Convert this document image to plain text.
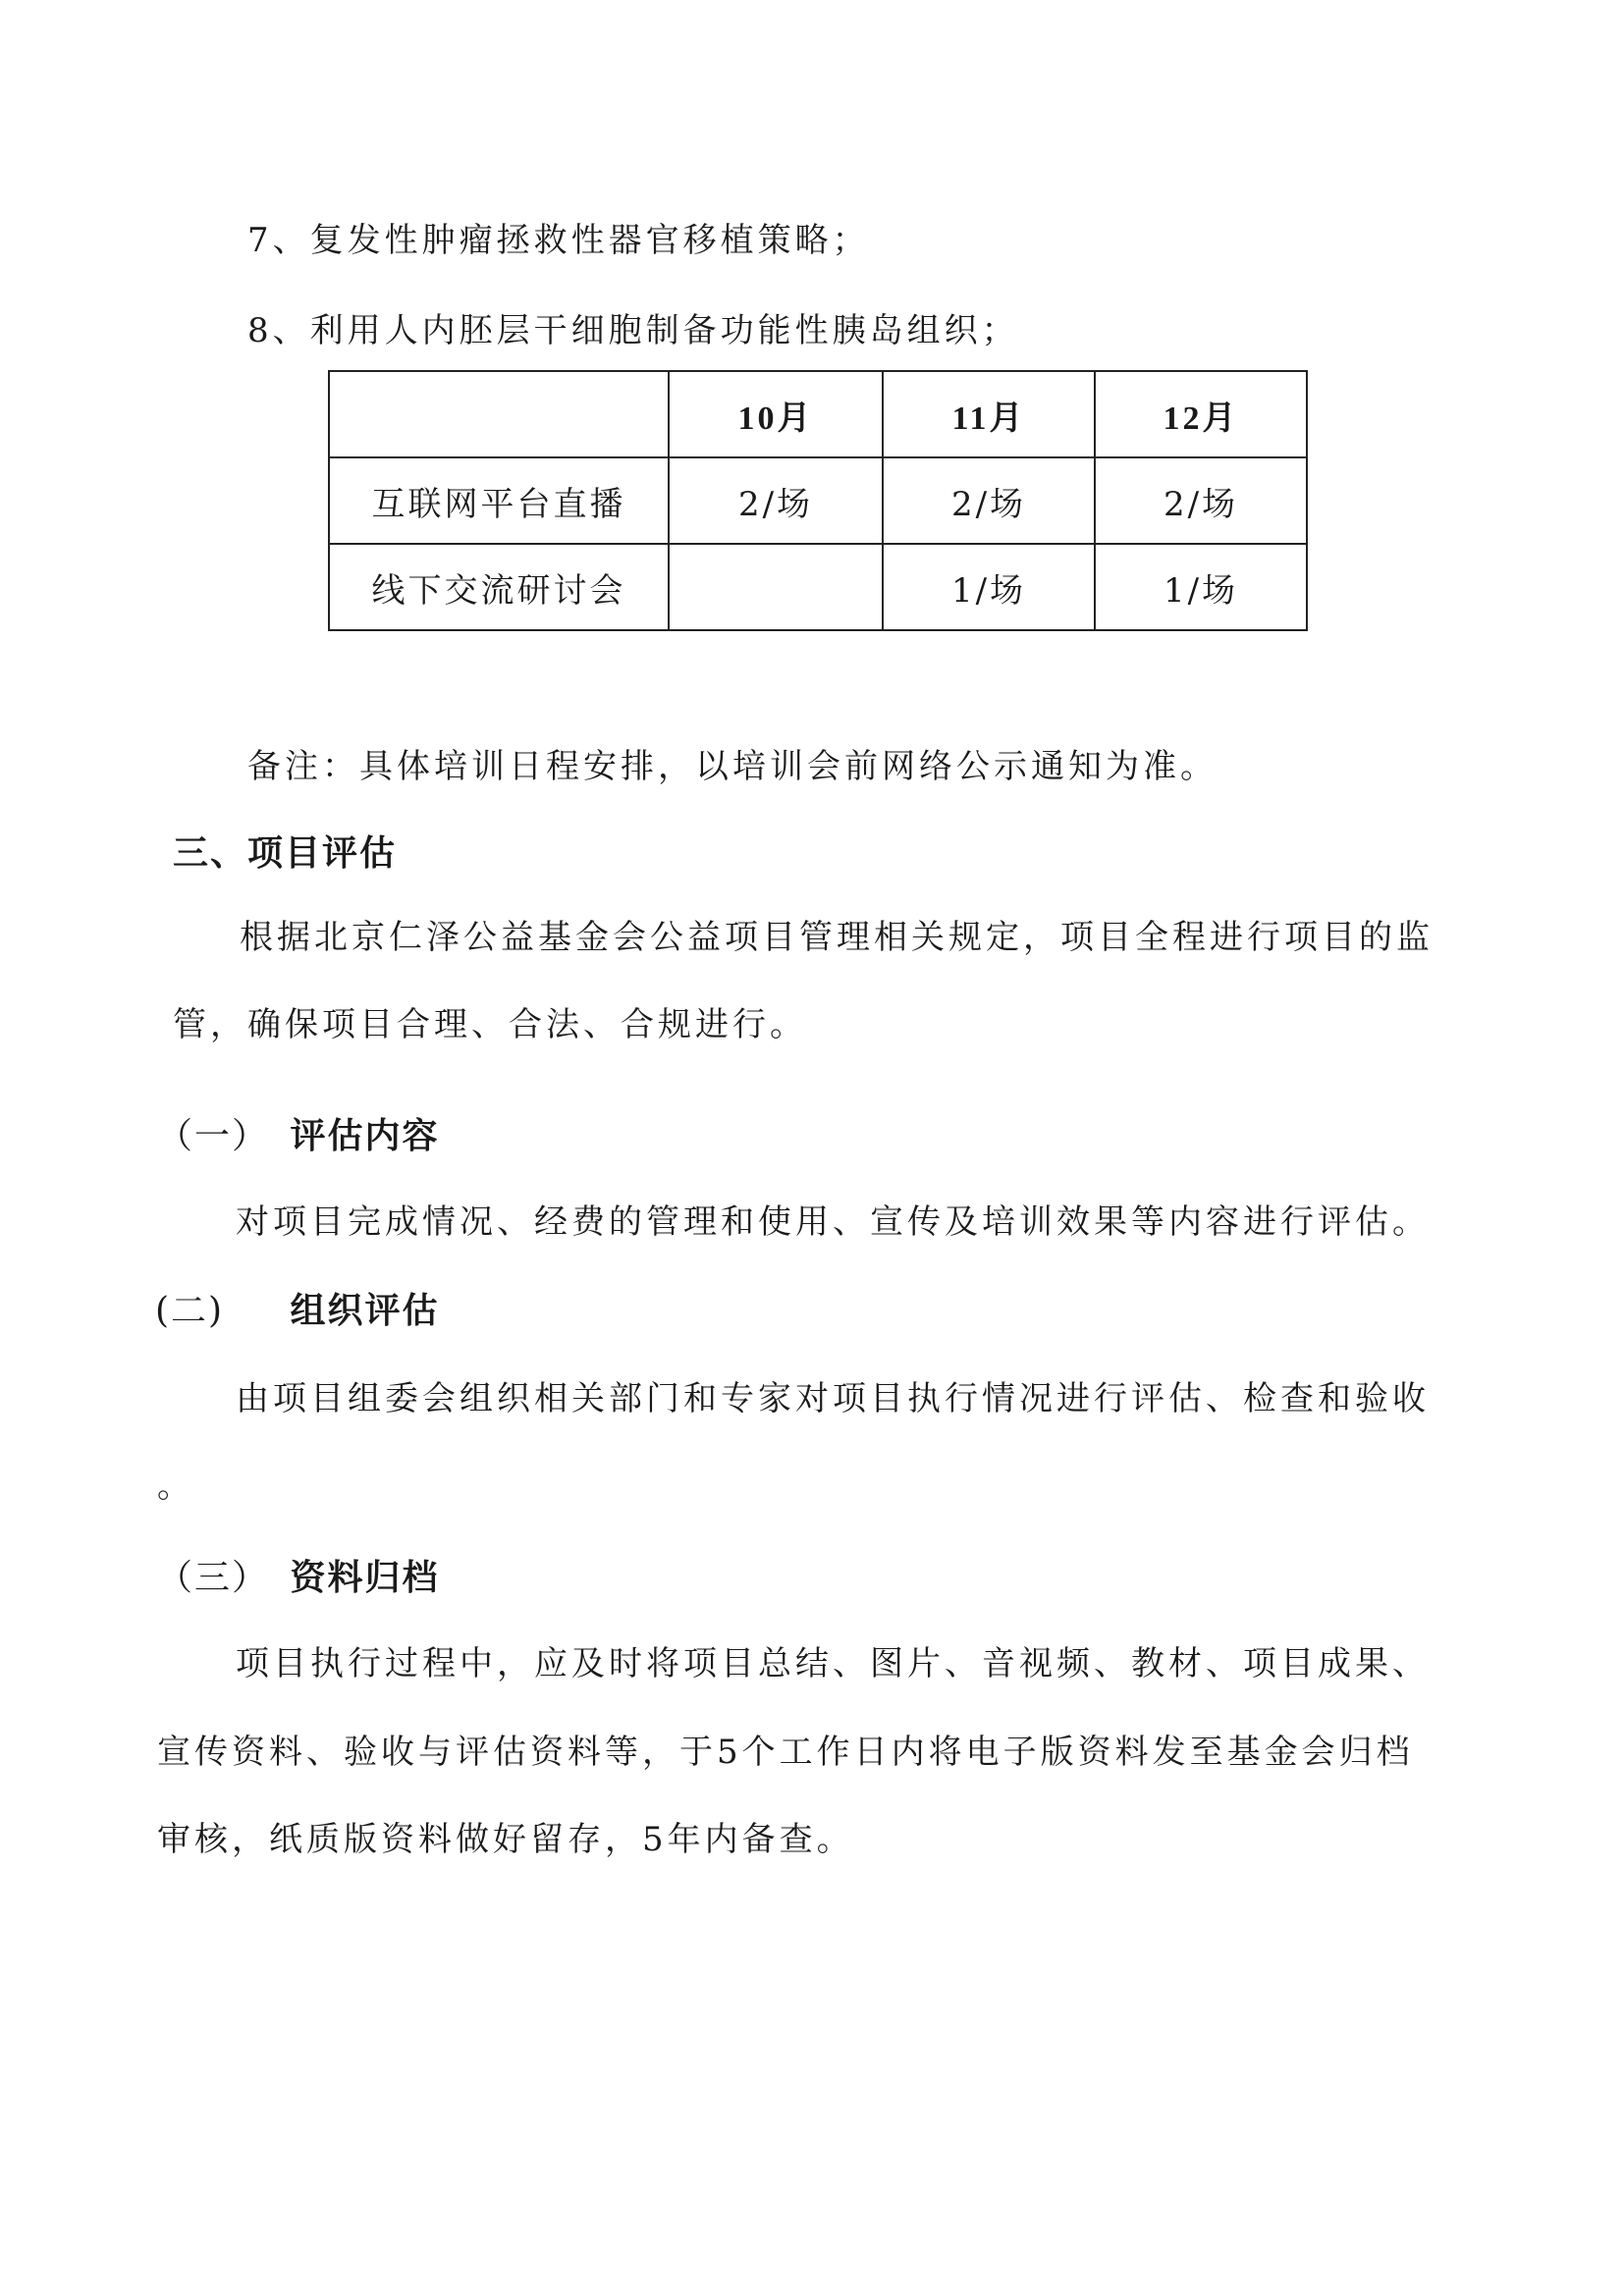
7、复发性肿瘤拯救性器官移植策略；
8、利用人内胚层干细胞制备功能性胰岛组织；
	10月	11月	12月
互联网平台直播	2/场	2/场	2/场
线下交流研讨会		1/场	1/场
备注：具体培训日程安排，以培训会前网络公示通知为准。
三、项目评估
根据北京仁泽公益基金会公益项目管理相关规定，项目全程进行项目的监
管，确保项目合理、合法、合规进行。
（一） 评估内容
对项目完成情况、经费的管理和使用、宣传及培训效果等内容进行评估。
(二) 组织评估
由项目组委会组织相关部门和专家对项目执行情况进行评估、检查和验收
。
（三） 资料归档
项目执行过程中，应及时将项目总结、图片、音视频、教材、项目成果、
宣传资料、验收与评估资料等，于5个工作日内将电子版资料发至基金会归档
审核，纸质版资料做好留存，5年内备查。
